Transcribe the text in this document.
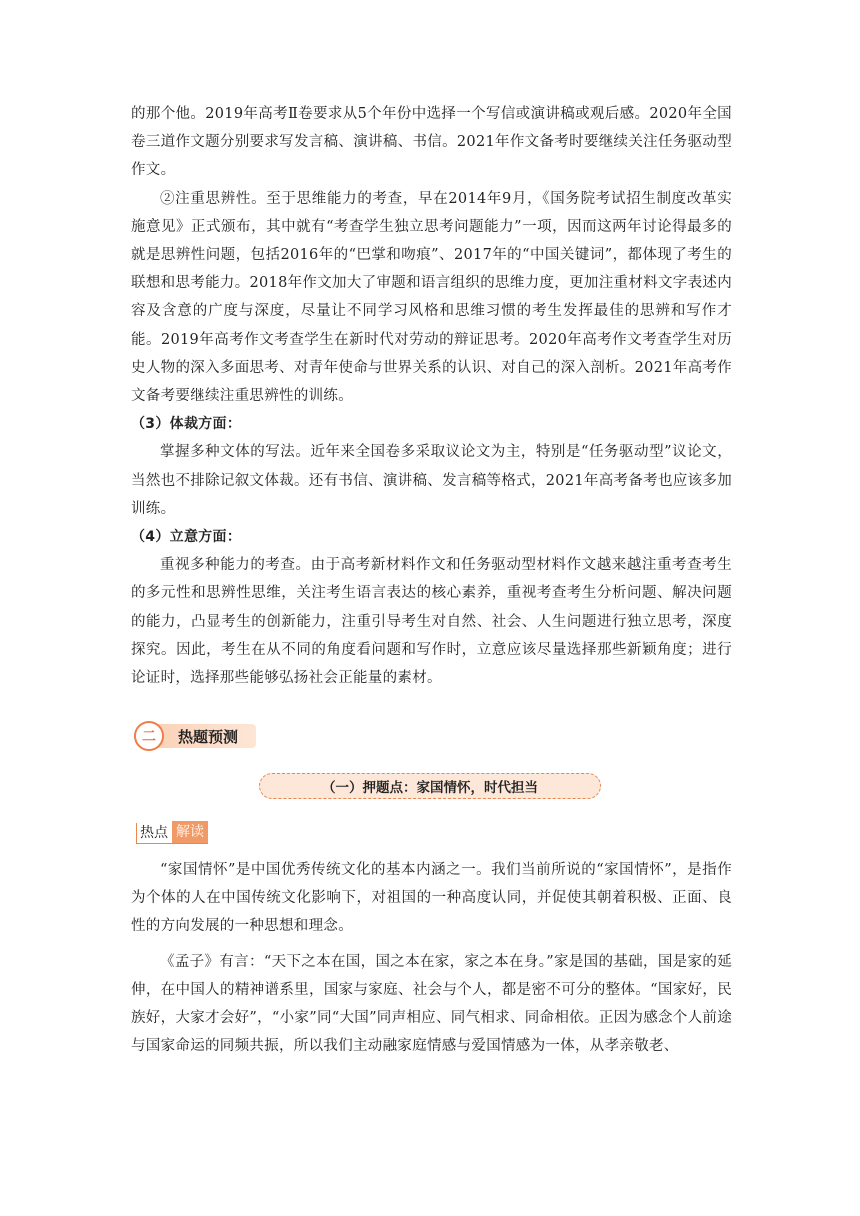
的那个他。2019年高考Ⅱ卷要求从5个年份中选择一个写信或演讲稿或观后感。2020年全国卷三道作文题分别要求写发言稿、演讲稿、书信。2021年作文备考时要继续关注任务驱动型作文。

②注重思辨性。至于思维能力的考查，早在2014年9月，《国务院考试招生制度改革实施意见》正式颁布，其中就有“考查学生独立思考问题能力”一项，因而这两年讨论得最多的就是思辨性问题，包括2016年的“巴掌和吻痕”、2017年的“中国关键词”，都体现了考生的联想和思考能力。2018年作文加大了审题和语言组织的思维力度，更加注重材料文字表述内容及含意的广度与深度，尽量让不同学习风格和思维习惯的考生发挥最佳的思辨和写作才能。2019年高考作文考查学生在新时代对劳动的辩证思考。2020年高考作文考查学生对历史人物的深入多面思考、对青年使命与世界关系的认识、对自己的深入剖析。2021年高考作文备考要继续注重思辨性的训练。

（3）体裁方面：

掌握多种文体的写法。近年来全国卷多采取议论文为主，特别是“任务驱动型”议论文，当然也不排除记叙文体裁。还有书信、演讲稿、发言稿等格式，2021年高考备考也应该多加训练。

（4）立意方面：

重视多种能力的考查。由于高考新材料作文和任务驱动型材料作文越来越注重考查考生的多元性和思辨性思维，关注考生语言表达的核心素养，重视考查考生分析问题、解决问题的能力，凸显考生的创新能力，注重引导考生对自然、社会、人生问题进行独立思考，深度探究。因此，考生在从不同的角度看问题和写作时，立意应该尽量选择那些新颖角度；进行论证时，选择那些能够弘扬社会正能量的素材。

二	热题预测
（一）押题点：家国情怀，时代担当
热点 解读

“家国情怀”是中国优秀传统文化的基本内涵之一。我们当前所说的“家国情怀”，是指作为个体的人在中国传统文化影响下，对祖国的一种高度认同，并促使其朝着积极、正面、良性的方向发展的一种思想和理念。

《孟子》有言：“天下之本在国，国之本在家，家之本在身。”家是国的基础，国是家的延伸，在中国人的精神谱系里，国家与家庭、社会与个人，都是密不可分的整体。“国家好，民族好，大家才会好”，“小家”同“大国”同声相应、同气相求、同命相依。正因为感念个人前途与国家命运的同频共振，所以我们主动融家庭情感与爱国情感为一体，从孝亲敬老、
